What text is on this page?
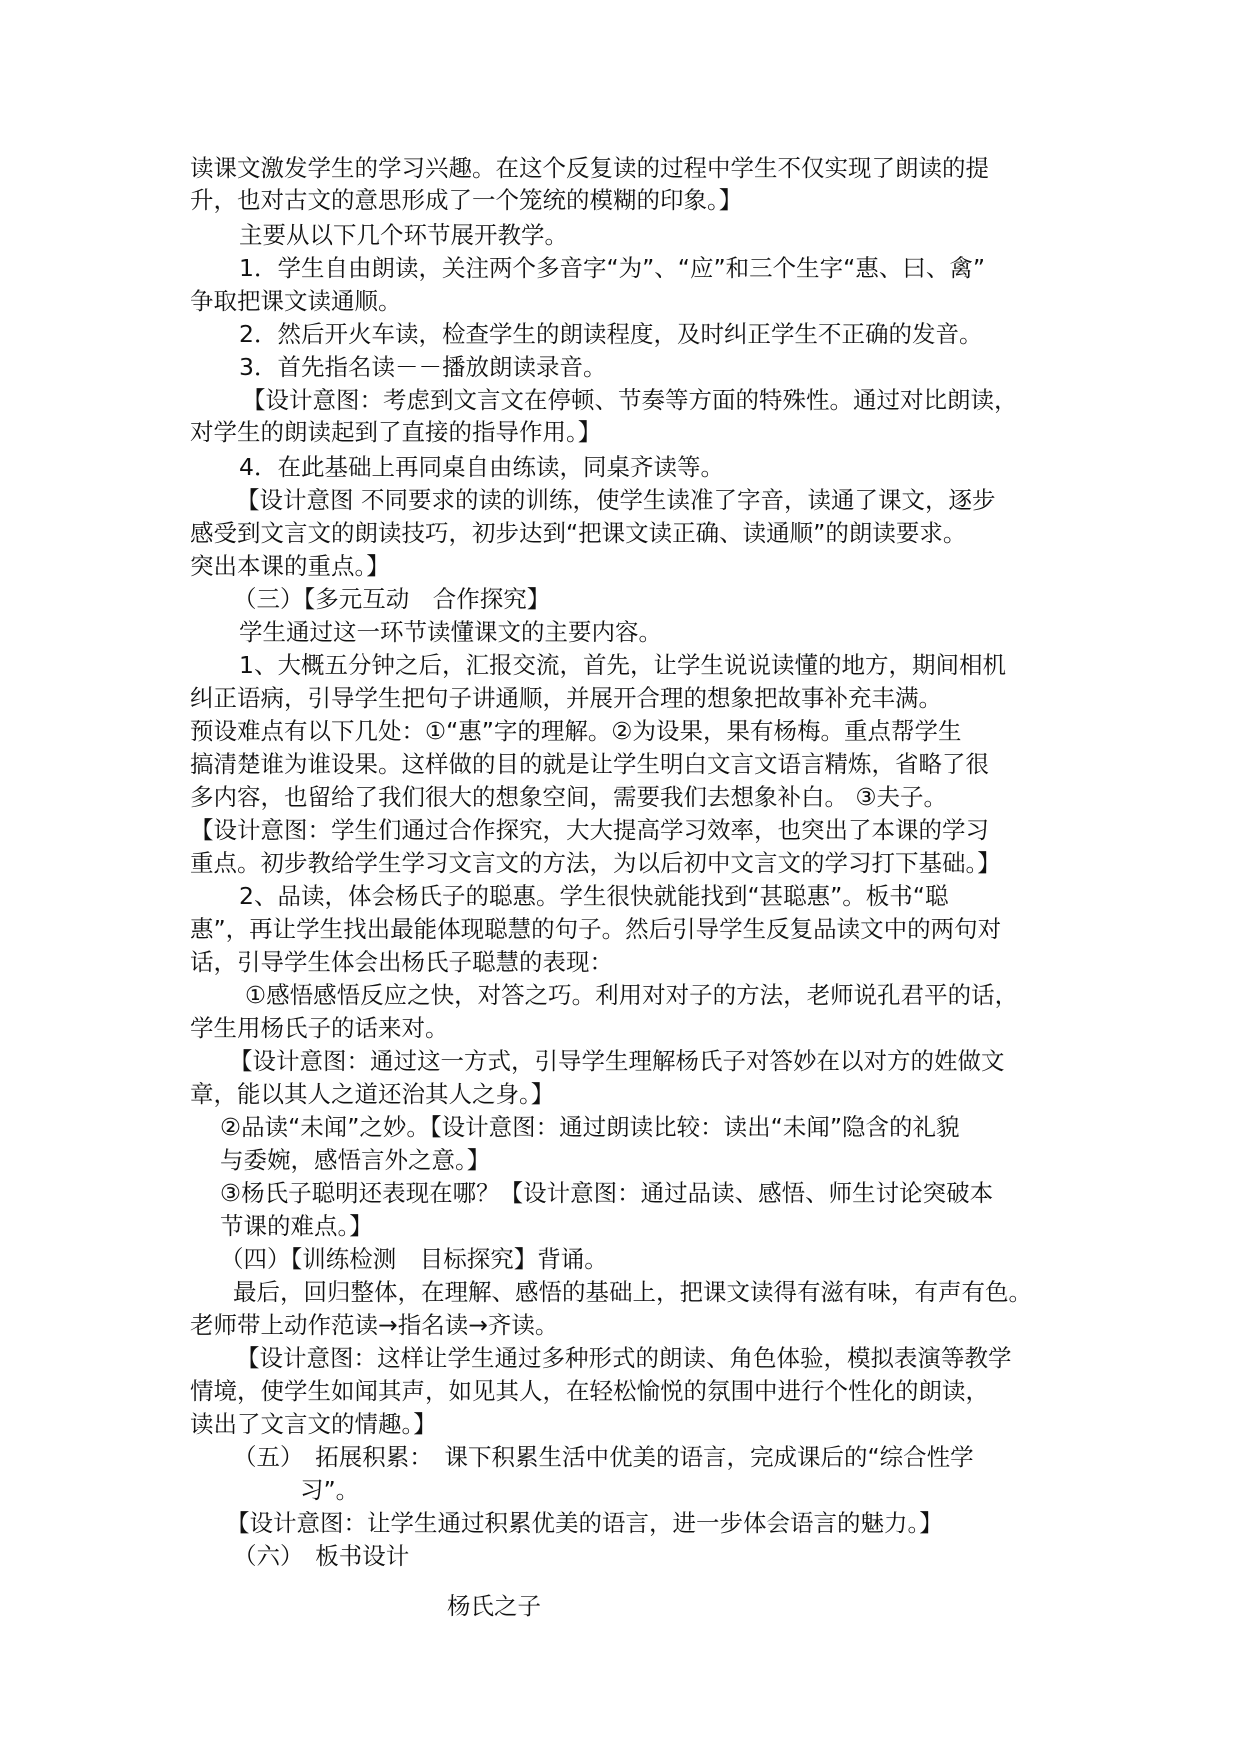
读课文激发学生的学习兴趣。在这个反复读的过程中学生不仅实现了朗读的提

升，也对古文的意思形成了一个笼统的模糊的印象。】

主要从以下几个环节展开教学。

1．学生自由朗读，关注两个多音字“为”、“应”和三个生字“惠、曰、禽”

争取把课文读通顺。

2．然后开火车读，检查学生的朗读程度，及时纠正学生不正确的发音。

3．首先指名读－－播放朗读录音。

【设计意图：考虑到文言文在停顿、节奏等方面的特殊性。通过对比朗读，

对学生的朗读起到了直接的指导作用。】

4．在此基础上再同桌自由练读，同桌齐读等。

【设计意图 不同要求的读的训练，使学生读准了字音，读通了课文，逐步

感受到文言文的朗读技巧，初步达到“把课文读正确、读通顺”的朗读要求。

突出本课的重点。】

（三）【多元互动　合作探究】

学生通过这一环节读懂课文的主要内容。

1、大概五分钟之后，汇报交流，首先，让学生说说读懂的地方，期间相机

纠正语病，引导学生把句子讲通顺，并展开合理的想象把故事补充丰满。

预设难点有以下几处：①“惠”字的理解。②为设果，果有杨梅。重点帮学生

搞清楚谁为谁设果。这样做的目的就是让学生明白文言文语言精炼，省略了很

多内容，也留给了我们很大的想象空间，需要我们去想象补白。 ③夫子。

【设计意图：学生们通过合作探究，大大提高学习效率，也突出了本课的学习

重点。初步教给学生学习文言文的方法，为以后初中文言文的学习打下基础。】

2、品读，体会杨氏子的聪惠。学生很快就能找到“甚聪惠”。板书“聪

惠”，再让学生找出最能体现聪慧的句子。然后引导学生反复品读文中的两句对

话，引导学生体会出杨氏子聪慧的表现：

①感悟感悟反应之快，对答之巧。利用对对子的方法，老师说孔君平的话，

学生用杨氏子的话来对。

【设计意图：通过这一方式，引导学生理解杨氏子对答妙在以对方的姓做文

章，能以其人之道还治其人之身。】

②品读“未闻”之妙。【设计意图：通过朗读比较：读出“未闻”隐含的礼貌

与委婉，感悟言外之意。】

③杨氏子聪明还表现在哪？【设计意图：通过品读、感悟、师生讨论突破本

节课的难点。】

（四）【训练检测　目标探究】背诵。

最后，回归整体，在理解、感悟的基础上，把课文读得有滋有味，有声有色。

老师带上动作范读→指名读→齐读。

【设计意图：这样让学生通过多种形式的朗读、角色体验，模拟表演等教学

情境，使学生如闻其声，如见其人，在轻松愉悦的氛围中进行个性化的朗读，

读出了文言文的情趣。】

（五）　拓展积累：　课下积累生活中优美的语言，完成课后的“综合性学

习”。

【设计意图：让学生通过积累优美的语言，进一步体会语言的魅力。】

（六）　板书设计

杨氏之子
